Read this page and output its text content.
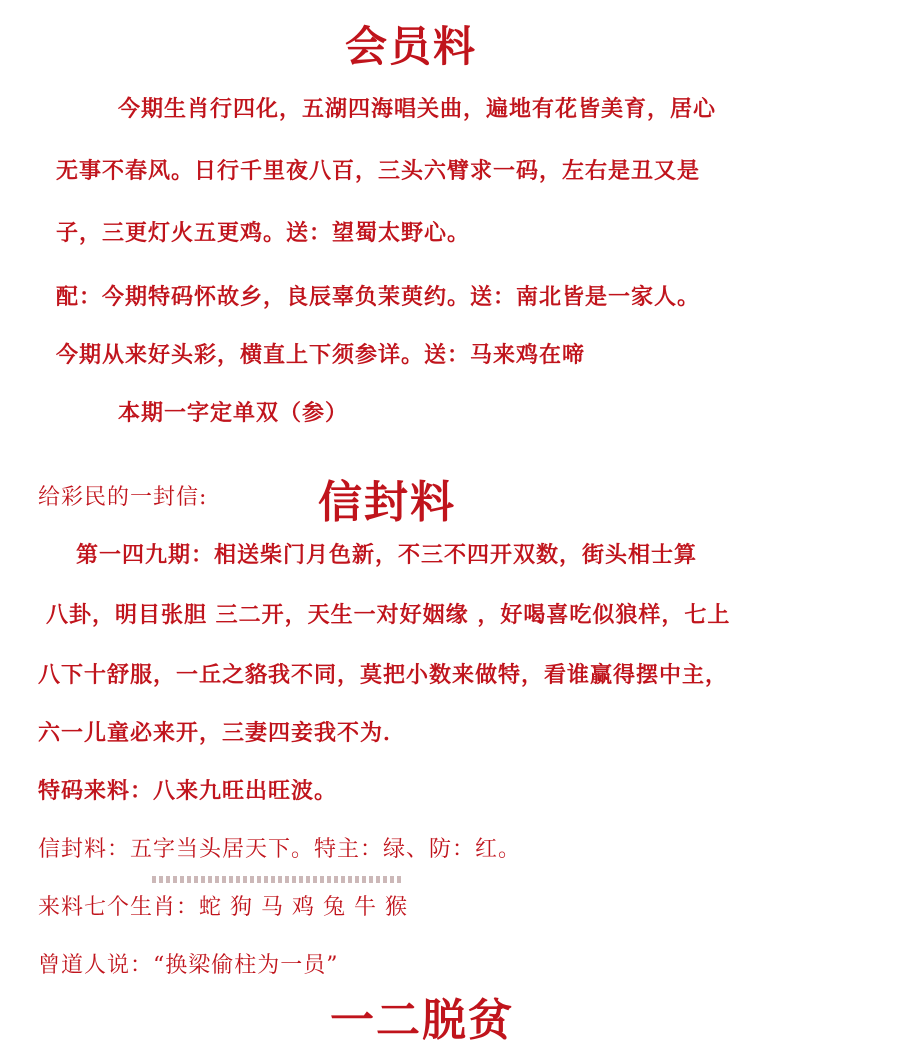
会员料
今期生肖行四化，五湖四海唱关曲，遍地有花皆美育，居心
无事不春风。日行千里夜八百，三头六臂求一码，左右是丑又是
子，三更灯火五更鸡。送：望蜀太野心。
配：今期特码怀故乡，良辰辜负茉萸约。送：南北皆是一家人。
今期从来好头彩，横直上下须参详。送：马来鸡在啼
本期一字定单双（参）
给彩民的一封信:	信封料
第一四九期：相送柴门月色新，不三不四开双数，街头相士算
八卦，明目张胆 三二开，天生一对好姻缘 ，好喝喜吃似狼样，七上
八下十舒服，一丘之貉我不同，莫把小数来做特，看谁赢得摆中主，
六一儿童必来开，三妻四妾我不为．
特码来料：八来九旺出旺波。
信封料：五字当头居天下。特主：绿、防：红。
来料七个生肖：蛇 狗 马 鸡 兔 牛 猴
曾道人说：“换梁偷柱为一员”
一二脱贫
